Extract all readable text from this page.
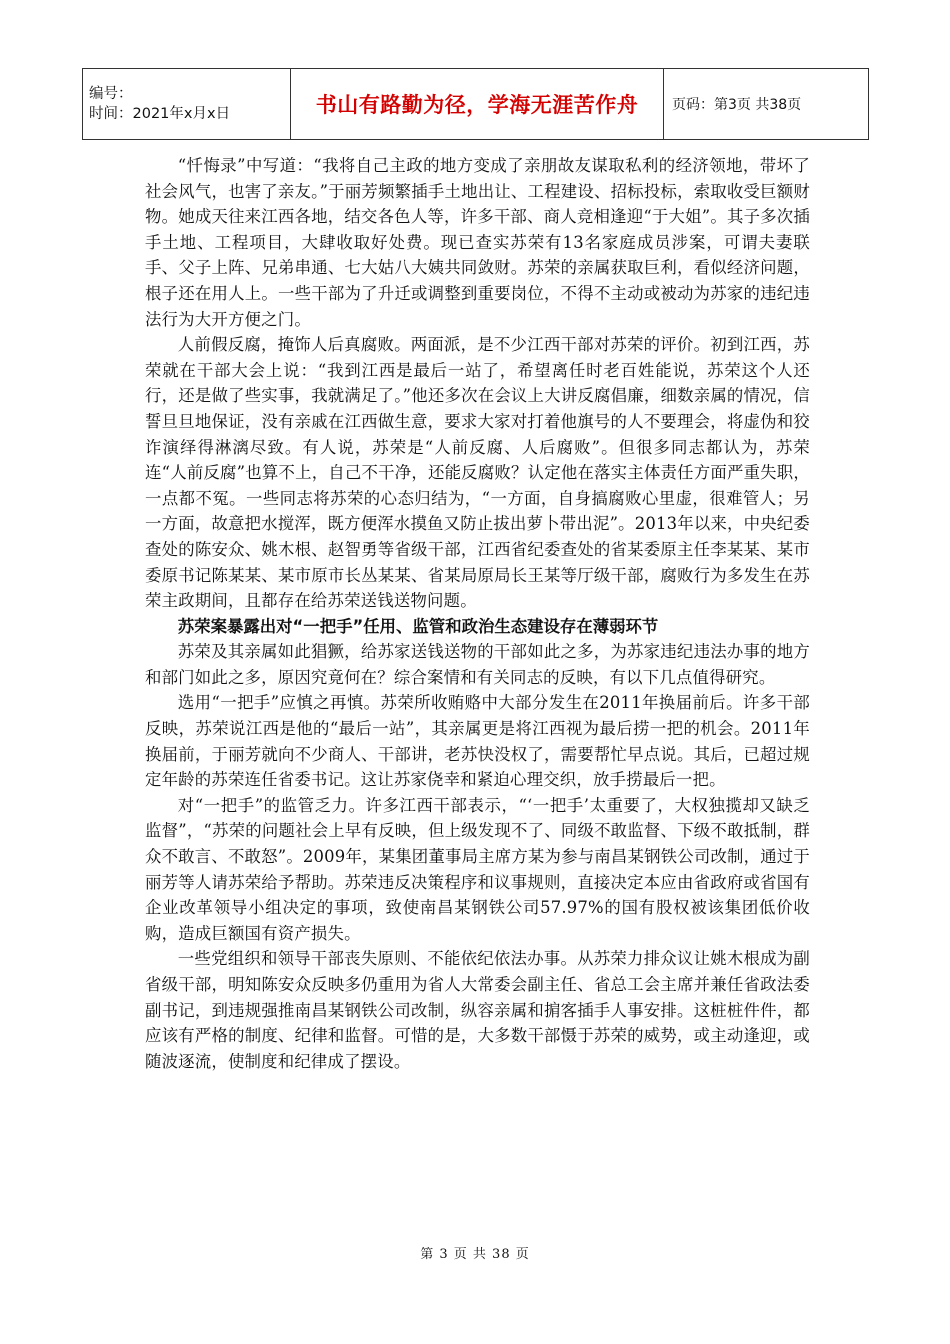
编号：
时间：2021年x月x日	书山有路勤为径，学海无涯苦作舟	页码：第3页 共38页

“忏悔录”中写道：“我将自己主政的地方变成了亲朋故友谋取私利的经济领地，带坏了社会风气，也害了亲友。”于丽芳频繁插手土地出让、工程建设、招标投标，索取收受巨额财物。她成天往来江西各地，结交各色人等，许多干部、商人竞相逢迎“于大姐”。其子多次插手土地、工程项目，大肆收取好处费。现已查实苏荣有13名家庭成员涉案，可谓夫妻联手、父子上阵、兄弟串通、七大姑八大姨共同敛财。苏荣的亲属获取巨利，看似经济问题，根子还在用人上。一些干部为了升迁或调整到重要岗位，不得不主动或被动为苏家的违纪违法行为大开方便之门。

人前假反腐，掩饰人后真腐败。两面派，是不少江西干部对苏荣的评价。初到江西，苏荣就在干部大会上说：“我到江西是最后一站了，希望离任时老百姓能说，苏荣这个人还行，还是做了些实事，我就满足了。”他还多次在会议上大讲反腐倡廉，细数亲属的情况，信誓旦旦地保证，没有亲戚在江西做生意，要求大家对打着他旗号的人不要理会，将虚伪和狡诈演绎得淋漓尽致。有人说，苏荣是“人前反腐、人后腐败”。但很多同志都认为，苏荣连“人前反腐”也算不上，自己不干净，还能反腐败？认定他在落实主体责任方面严重失职，一点都不冤。一些同志将苏荣的心态归结为，“一方面，自身搞腐败心里虚，很难管人；另一方面，故意把水搅浑，既方便浑水摸鱼又防止拔出萝卜带出泥”。2013年以来，中央纪委查处的陈安众、姚木根、赵智勇等省级干部，江西省纪委查处的省某委原主任李某某、某市委原书记陈某某、某市原市长丛某某、省某局原局长王某等厅级干部，腐败行为多发生在苏荣主政期间，且都存在给苏荣送钱送物问题。

苏荣案暴露出对“一把手”任用、监管和政治生态建设存在薄弱环节

苏荣及其亲属如此猖獗，给苏家送钱送物的干部如此之多，为苏家违纪违法办事的地方和部门如此之多，原因究竟何在？综合案情和有关同志的反映，有以下几点值得研究。

选用“一把手”应慎之再慎。苏荣所收贿赂中大部分发生在2011年换届前后。许多干部反映，苏荣说江西是他的“最后一站”，其亲属更是将江西视为最后捞一把的机会。2011年换届前，于丽芳就向不少商人、干部讲，老苏快没权了，需要帮忙早点说。其后，已超过规定年龄的苏荣连任省委书记。这让苏家侥幸和紧迫心理交织，放手捞最后一把。

对“一把手”的监管乏力。许多江西干部表示，“‘一把手’太重要了，大权独揽却又缺乏监督”，“苏荣的问题社会上早有反映，但上级发现不了、同级不敢监督、下级不敢抵制，群众不敢言、不敢怒”。2009年，某集团董事局主席方某为参与南昌某钢铁公司改制，通过于丽芳等人请苏荣给予帮助。苏荣违反决策程序和议事规则，直接决定本应由省政府或省国有企业改革领导小组决定的事项，致使南昌某钢铁公司57.97%的国有股权被该集团低价收购，造成巨额国有资产损失。

一些党组织和领导干部丧失原则、不能依纪依法办事。从苏荣力排众议让姚木根成为副省级干部，明知陈安众反映多仍重用为省人大常委会副主任、省总工会主席并兼任省政法委副书记，到违规强推南昌某钢铁公司改制，纵容亲属和掮客插手人事安排。这桩桩件件，都应该有严格的制度、纪律和监督。可惜的是，大多数干部慑于苏荣的威势，或主动逢迎，或随波逐流，使制度和纪律成了摆设。

第 3 页 共 38 页
